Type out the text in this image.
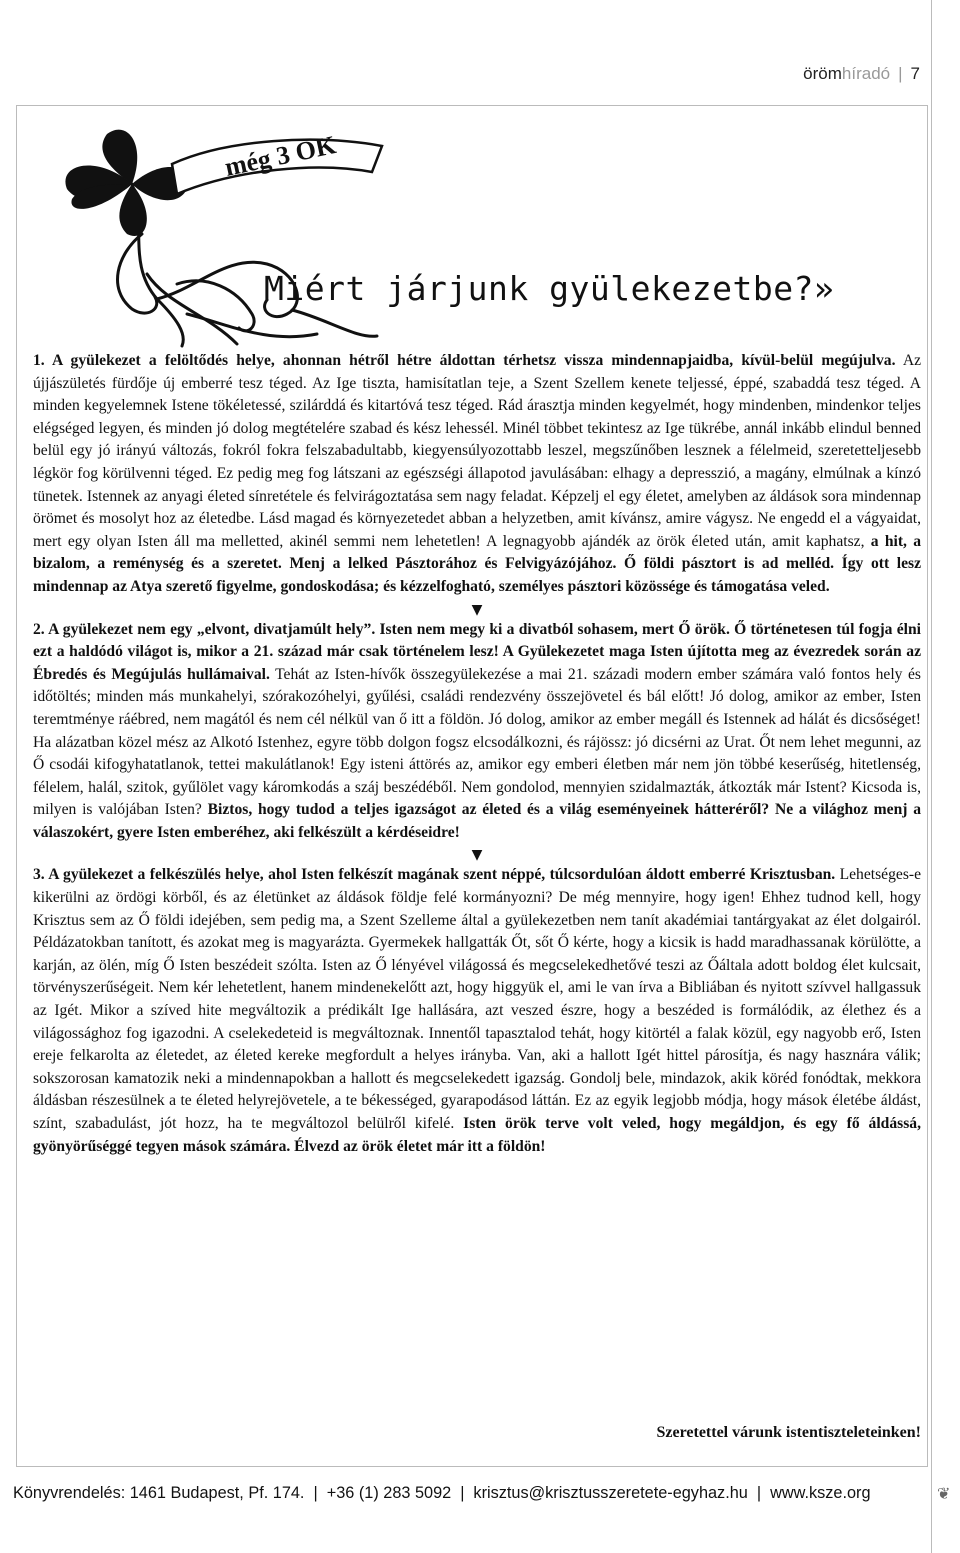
örömhíradó | 7
még 3 OK
Miért járjunk gyülekezetbe?»

1. A gyülekezet a felöltődés helye, ahonnan hétről hétre áldottan térhetsz vissza mindennapjaidba, kívül-belül megújulva. Az újjászületés fürdője új emberré tesz téged. Az Ige tiszta, hamisítatlan teje, a Szent Szellem kenete teljessé, éppé, szabaddá tesz téged. A minden kegyelemnek Istene tökéletessé, szilárddá és kitartóvá tesz téged. Rád árasztja minden kegyelmét, hogy mindenben, mindenkor teljes elégséged legyen, és minden jó dolog megtételére szabad és kész lehessél. Minél többet tekintesz az Ige tükrébe, annál inkább elindul benned belül egy jó irányú változás, fokról fokra felszabadultabb, kiegyensúlyozottabb leszel, megszűnőben lesznek a félelmeid, szeretetteljesebb légkör fog körülvenni téged. Ez pedig meg fog látszani az egészségi állapotod javulásában: elhagy a depresszió, a magány, elmúlnak a kínzó tünetek. Istennek az anyagi életed sínretétele és felvirágoztatása sem nagy feladat. Képzelj el egy életet, amelyben az áldások sora mindennap örömet és mosolyt hoz az életedbe. Lásd magad és környezetedet abban a helyzetben, amit kívánsz, amire vágysz. Ne engedd el a vágyaidat, mert egy olyan Isten áll ma melletted, akinél semmi nem lehetetlen! A legnagyobb ajándék az örök életed után, amit kaphatsz, a hit, a bizalom, a reménység és a szeretet. Menj a lelked Pásztorához és Felvigyázójához. Ő földi pásztort is ad melléd. Így ott lesz mindennap az Atya szerető figyelme, gondoskodása; és kézzelfogható, személyes pásztori közössége és támogatása veled.

▼

2. A gyülekezet nem egy „elvont, divatjamúlt hely”. Isten nem megy ki a divatból sohasem, mert Ő örök. Ő történetesen túl fogja élni ezt a haldódó világot is, mikor a 21. század már csak történelem lesz! A Gyülekezetet maga Isten újította meg az évezredek során az Ébredés és Megújulás hullámaival. Tehát az Isten-hívők összegyülekezése a mai 21. századi modern ember számára való fontos hely és időtöltés; minden más munkahelyi, szórakozóhelyi, gyűlési, családi rendezvény összejövetel és bál előtt! Jó dolog, amikor az ember, Isten teremtménye ráébred, nem magától és nem cél nélkül van ő itt a földön. Jó dolog, amikor az ember megáll és Istennek ad hálát és dicsőséget! Ha alázatban közel mész az Alkotó Istenhez, egyre több dolgon fogsz elcsodálkozni, és rájössz: jó dicsérni az Urat. Őt nem lehet megunni, az Ő csodái kifogyhatatlanok, tettei makulátlanok! Egy isteni áttörés az, amikor egy emberi életben már nem jön többé keserűség, hitetlenség, félelem, halál, szitok, gyűlölet vagy káromkodás a száj beszédéből. Nem gondolod, mennyien szidalmazták, átkozták már Istent? Kicsoda is, milyen is valójában Isten? Biztos, hogy tudod a teljes igazságot az életed és a világ eseményeinek hátteréről? Ne a világhoz menj a válaszokért, gyere Isten emberéhez, aki felkészült a kérdéseidre!

▼

3. A gyülekezet a felkészülés helye, ahol Isten felkészít magának szent néppé, túlcsordulóan áldott emberré Krisztusban. Lehetséges-e kikerülni az ördögi körből, és az életünket az áldások földje felé kormányozni? De még mennyire, hogy igen! Ehhez tudnod kell, hogy Krisztus sem az Ő földi idejében, sem pedig ma, a Szent Szelleme által a gyülekezetben nem tanít akadémiai tantárgyakat az élet dolgairól. Példázatokban tanított, és azokat meg is magyarázta. Gyermekek hallgatták Őt, sőt Ő kérte, hogy a kicsik is hadd maradhassanak körülötte, a karján, az ölén, míg Ő Isten beszédeit szólta. Isten az Ő lényével világossá és megcselekedhetővé teszi az Őáltala adott boldog élet kulcsait, törvényszerűségeit. Nem kér lehetetlent, hanem mindenekelőtt azt, hogy higgyük el, ami le van írva a Bibliában és nyitott szívvel hallgassuk az Igét. Mikor a szíved hite megváltozik a prédikált Ige hallására, azt veszed észre, hogy a beszéded is formálódik, az élethez és a világossághoz fog igazodni. A cselekedeteid is megváltoznak. Innentől tapasztalod tehát, hogy kitörtél a falak közül, egy nagyobb erő, Isten ereje felkarolta az életedet, az életed kereke megfordult a helyes irányba. Van, aki a hallott Igét hittel párosítja, és nagy hasznára válik; sokszorosan kamatozik neki a mindennapokban a hallott és megcselekedett igazság. Gondolj bele, mindazok, akik köréd fonódtak, mekkora áldásban részesülnek a te életed helyrejövetele, a te békességed, gyarapodásod láttán. Ez az egyik legjobb módja, hogy mások életébe áldást, színt, szabadulást, jót hozz, ha te megváltozol belülről kifelé. Isten örök terve volt veled, hogy megáldjon, és egy fő áldássá, gyönyörűséggé tegyen mások számára. Élvezd az örök életet már itt a földön!

Szeretettel várunk istentiszteleteinken!
Könyvrendelés: 1461 Budapest, Pf. 174. | +36 (1) 283 5092 | krisztus@krisztusszeretete-egyhaz.hu | www.ksze.org	❦
